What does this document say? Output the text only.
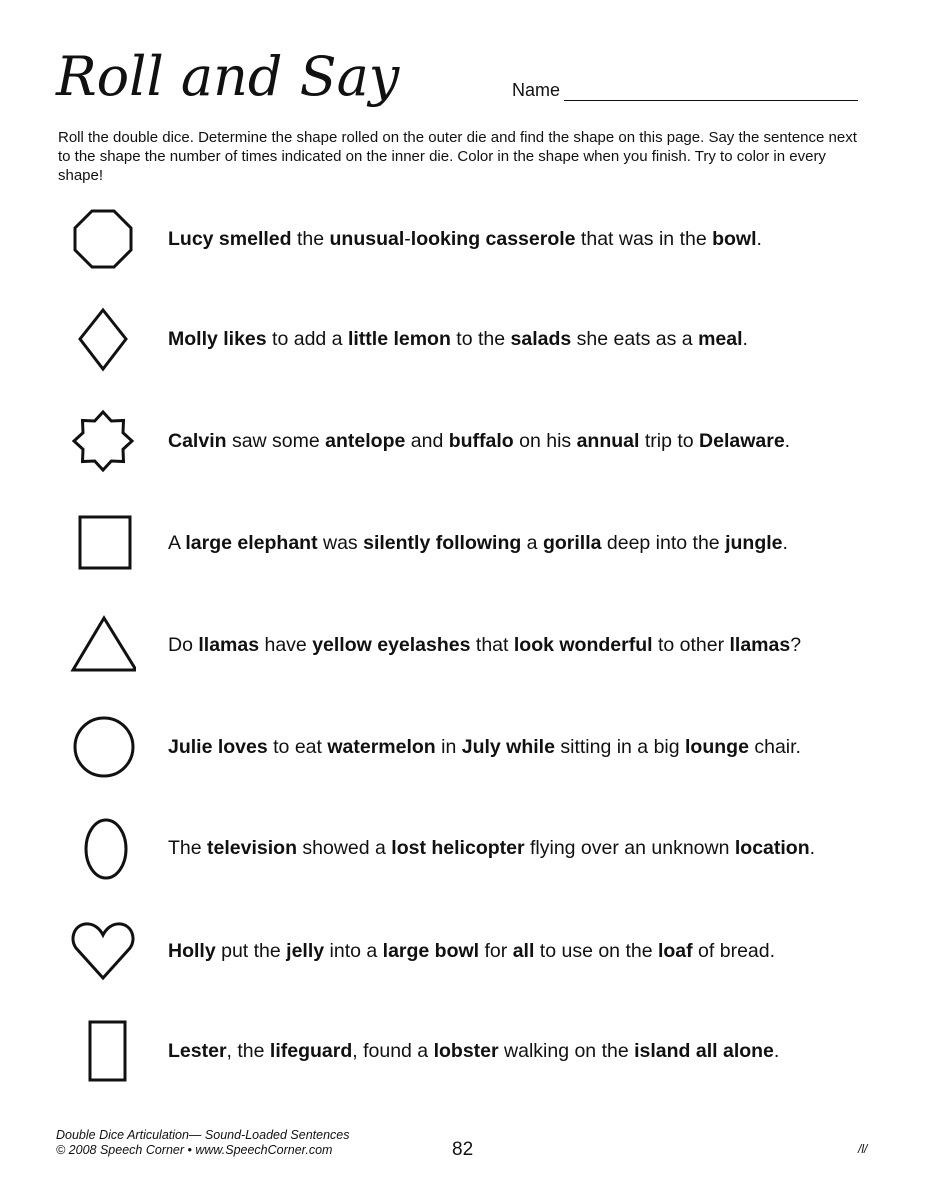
Roll and Say	Name
Roll the double dice. Determine the shape rolled on the outer die and find the shape on this page. Say the sentence next to the shape the number of times indicated on the inner die. Color in the shape when you finish. Try to color in every shape!
Lucy smelled the unusual - looking casserole that was in the bowl .
Molly likes to add a little lemon to the salads she eats as a meal .
Calvin saw some antelope and buffalo on his annual trip to Delaware .
A large elephant was silently following a gorilla deep into the jungle .
Do llamas have yellow eyelashes that look wonderful to other llamas ?
Julie loves to eat watermelon in July while sitting in a big lounge chair.
The television showed a lost helicopter flying over an unknown location .
Holly put the jelly into a large bowl for all to use on the loaf of bread.
Lester , the lifeguard , found a lobster walking on the island all alone .
Double Dice Articulation— Sound-Loaded Sentences
© 2008 Speech Corner • www.SpeechCorner.com	82	/l/
